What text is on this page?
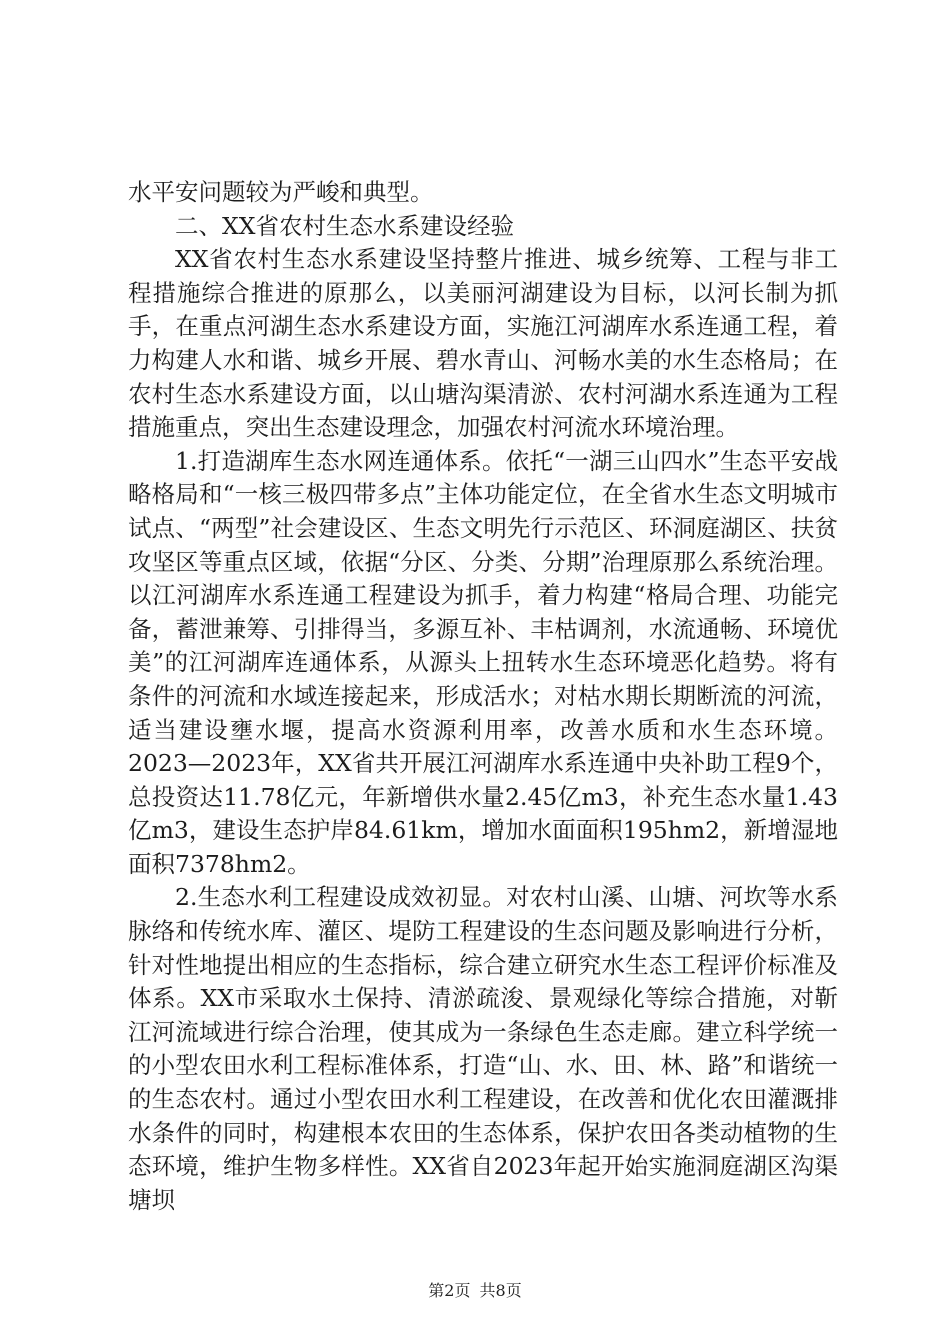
水平安问题较为严峻和典型。

二、XX省农村生态水系建设经验

XX省农村生态水系建设坚持整片推进、城乡统筹、工程与非工程措施综合推进的原那么，以美丽河湖建设为目标，以河长制为抓手，在重点河湖生态水系建设方面，实施江河湖库水系连通工程，着力构建人水和谐、城乡开展、碧水青山、河畅水美的水生态格局；在农村生态水系建设方面，以山塘沟渠清淤、农村河湖水系连通为工程措施重点，突出生态建设理念，加强农村河流水环境治理。

1.打造湖库生态水网连通体系。依托“一湖三山四水”生态平安战略格局和“一核三极四带多点”主体功能定位，在全省水生态文明城市试点、“两型”社会建设区、生态文明先行示范区、环洞庭湖区、扶贫攻坚区等重点区域，依据“分区、分类、分期”治理原那么系统治理。以江河湖库水系连通工程建设为抓手，着力构建“格局合理、功能完备，蓄泄兼筹、引排得当，多源互补、丰枯调剂，水流通畅、环境优美”的江河湖库连通体系，从源头上扭转水生态环境恶化趋势。将有条件的河流和水域连接起来，形成活水；对枯水期长期断流的河流，适当建设壅水堰，提高水资源利用率，改善水质和水生态环境。2023—2023年，XX省共开展江河湖库水系连通中央补助工程9个，总投资达11.78亿元，年新增供水量2.45亿m3，补充生态水量1.43亿m3，建设生态护岸84.61km，增加水面面积195hm2，新增湿地面积7378hm2。

2.生态水利工程建设成效初显。对农村山溪、山塘、河坎等水系脉络和传统水库、灌区、堤防工程建设的生态问题及影响进行分析，针对性地提出相应的生态指标，综合建立研究水生态工程评价标准及体系。XX市采取水土保持、清淤疏浚、景观绿化等综合措施，对靳江河流域进行综合治理，使其成为一条绿色生态走廊。建立科学统一的小型农田水利工程标准体系，打造“山、水、田、林、路”和谐统一的生态农村。通过小型农田水利工程建设，在改善和优化农田灌溉排水条件的同时，构建根本农田的生态体系，保护农田各类动植物的生态环境，维护生物多样性。XX省自2023年起开始实施洞庭湖区沟渠塘坝

第2页 共8页
